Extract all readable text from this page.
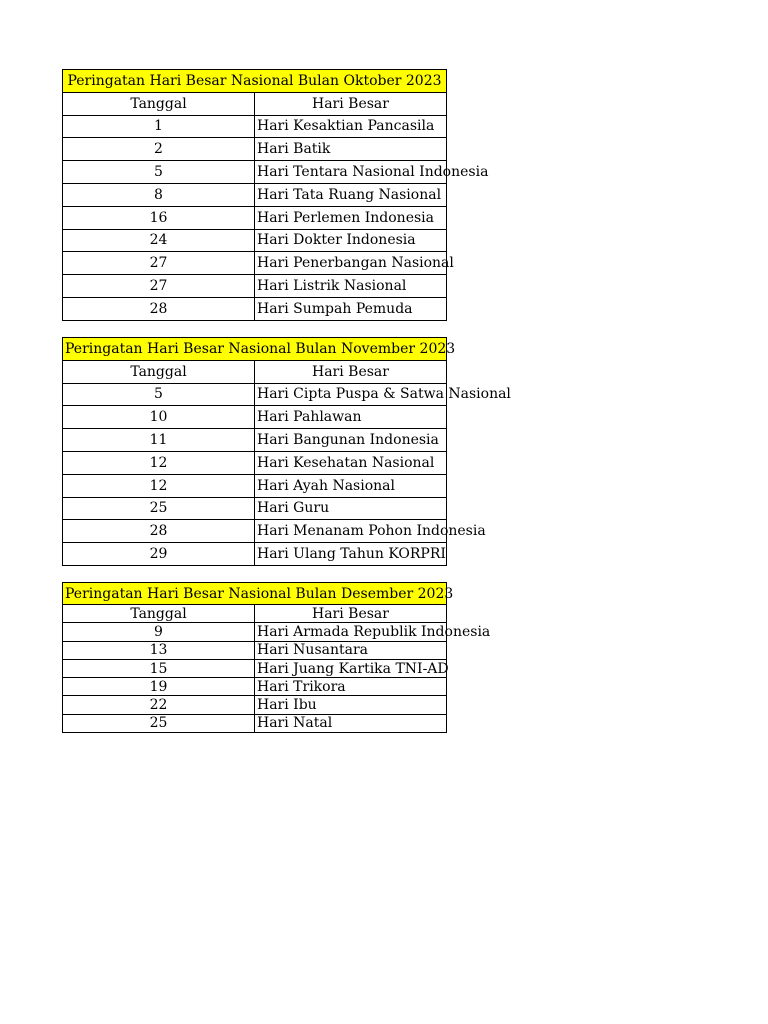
Peringatan Hari Besar Nasional Bulan Oktober 2023	
Tanggal	Hari Besar
1	Hari Kesaktian Pancasila
2	Hari Batik
5	Hari Tentara Nasional Indonesia
8	Hari Tata Ruang Nasional
16	Hari Perlemen Indonesia
24	Hari Dokter Indonesia
27	Hari Penerbangan Nasional
27	Hari Listrik Nasional
28	Hari Sumpah Pemuda
Peringatan Hari Besar Nasional Bulan November 2023	
Tanggal	Hari Besar
5	Hari Cipta Puspa & Satwa Nasional
10	Hari Pahlawan
11	Hari Bangunan Indonesia
12	Hari Kesehatan Nasional
12	Hari Ayah Nasional
25	Hari Guru
28	Hari Menanam Pohon Indonesia
29	Hari Ulang Tahun KORPRI
Peringatan Hari Besar Nasional Bulan Desember 2023	
Tanggal	Hari Besar
9	Hari Armada Republik Indonesia
13	Hari Nusantara
15	Hari Juang Kartika TNI-AD
19	Hari Trikora
22	Hari Ibu
25	Hari Natal
